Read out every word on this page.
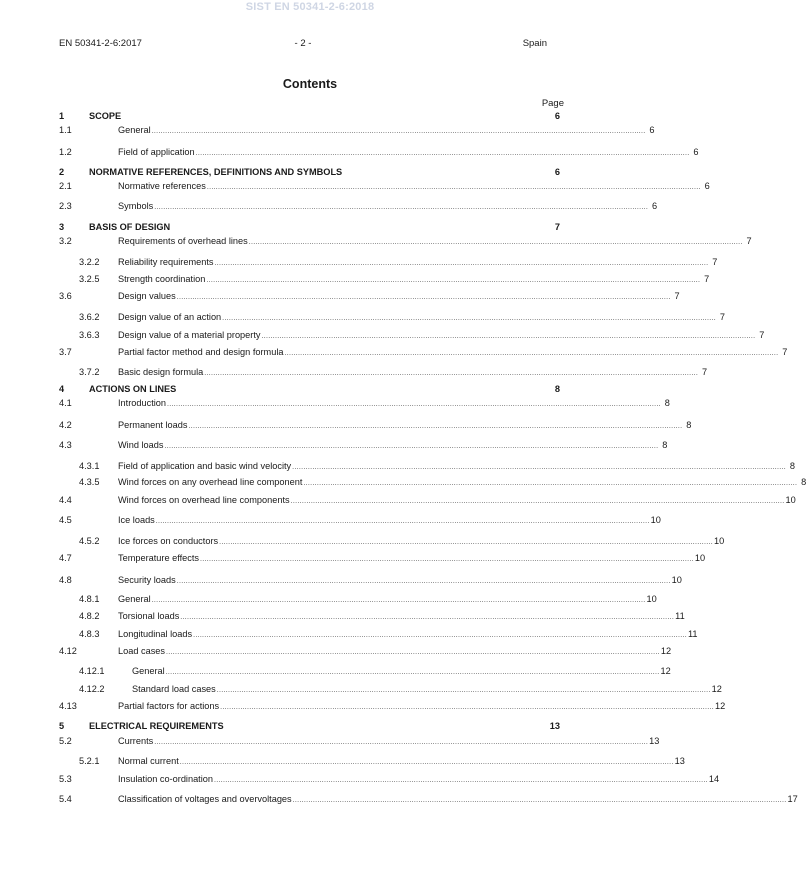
SIST EN 50341-2-6:2018
EN 50341-2-6:2017	- 2 -	Spain
Contents
Page
1	SCOPE	6
1.1	General ............................................................................................................................................................................................................................ 6
1.2	Field of application ............................................................................................................................................................................................................................ 6
2	NORMATIVE REFERENCES, DEFINITIONS AND SYMBOLS	6
2.1	Normative references ............................................................................................................................................................................................................................ 6
2.3	Symbols ............................................................................................................................................................................................................................ 6
3	BASIS OF DESIGN	7
3.2	Requirements of overhead lines ............................................................................................................................................................................................................................ 7
3.2.2 Reliability requirements ............................................................................................................................................................................................................................ 7
3.2.5 Strength coordination ............................................................................................................................................................................................................................ 7
3.6	Design values ............................................................................................................................................................................................................................ 7
3.6.2 Design value of an action ............................................................................................................................................................................................................................ 7
3.6.3 Design value of a material property ............................................................................................................................................................................................................................ 7
3.7	Partial factor method and design formula ............................................................................................................................................................................................................................ 7
3.7.2 Basic design formula ............................................................................................................................................................................................................................ 7
4	ACTIONS ON LINES	8
4.1	Introduction ............................................................................................................................................................................................................................ 8
4.2	Permanent loads ............................................................................................................................................................................................................................ 8
4.3	Wind loads ............................................................................................................................................................................................................................ 8
4.3.1 Field of application and basic wind velocity ............................................................................................................................................................................................................................ 8
4.3.5 Wind forces on any overhead line component ............................................................................................................................................................................................................................ 8
4.4	Wind forces on overhead line components ............................................................................................................................................................................................................................ 10
4.5	Ice loads ............................................................................................................................................................................................................................ 10
4.5.2 Ice forces on conductors ............................................................................................................................................................................................................................ 10
4.7	Temperature effects ............................................................................................................................................................................................................................ 10
4.8	Security loads ............................................................................................................................................................................................................................ 10
4.8.1 General ............................................................................................................................................................................................................................ 10
4.8.2 Torsional loads ............................................................................................................................................................................................................................ 11
4.8.3 Longitudinal loads ............................................................................................................................................................................................................................ 11
4.12	Load cases ............................................................................................................................................................................................................................ 12
4.12.1	General ............................................................................................................................................................................................................................ 12
4.12.2	Standard load cases ............................................................................................................................................................................................................................ 12
4.13	Partial factors for actions ............................................................................................................................................................................................................................ 12
5	ELECTRICAL REQUIREMENTS	13
5.2	Currents ............................................................................................................................................................................................................................ 13
5.2.1 Normal current ............................................................................................................................................................................................................................ 13
5.3	Insulation co-ordination ............................................................................................................................................................................................................................ 14
5.4	Classification of voltages and overvoltages ............................................................................................................................................................................................................................ 17
